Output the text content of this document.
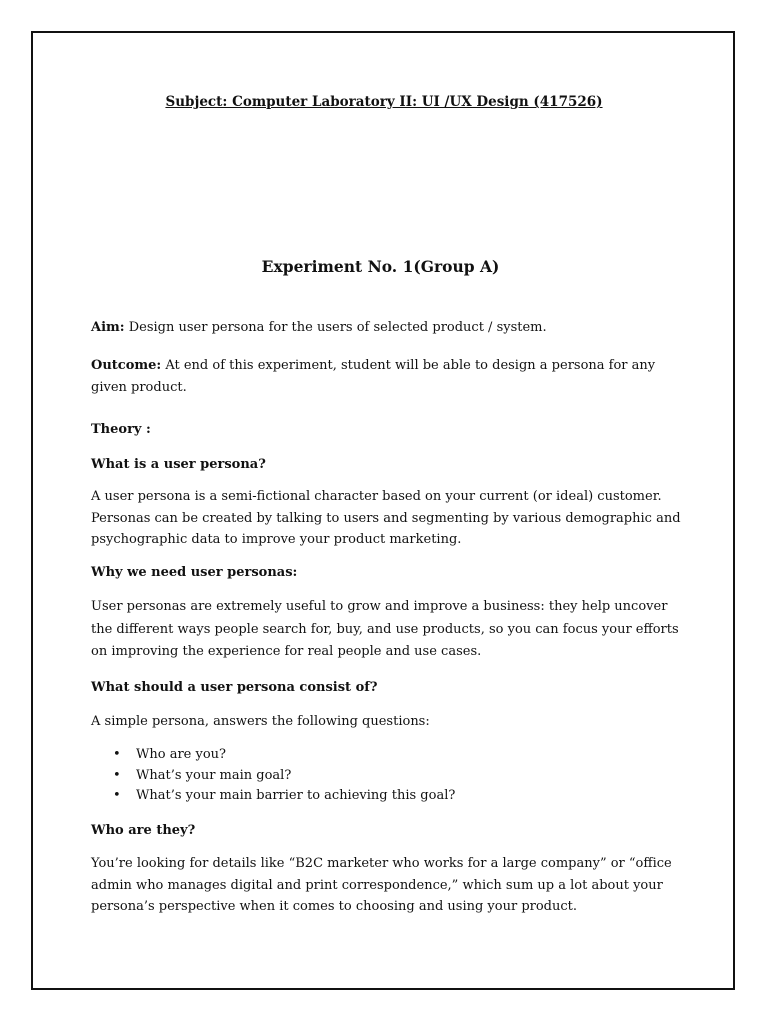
Subject: Computer Laboratory II: UI /UX Design (417526)

Experiment No. 1(Group A)

Aim: Design user persona for the users of selected product / system.

Outcome: At end of this experiment, student will be able to design a persona for any given product.

Theory :

What is a user persona?

A user persona is a semi-fictional character based on your current (or ideal) customer. Personas can be created by talking to users and segmenting by various demographic and psychographic data to improve your product marketing.

Why we need user personas:

User personas are extremely useful to grow and improve a business: they help uncover the different ways people search for, buy, and use products, so you can focus your efforts on improving the experience for real people and use cases.

What should a user persona consist of?

A simple persona, answers the following questions:

• Who are you?
• What’s your main goal?
• What’s your main barrier to achieving this goal?

Who are they?

You’re looking for details like “B2C marketer who works for a large company” or “office admin who manages digital and print correspondence,” which sum up a lot about your persona’s perspective when it comes to choosing and using your product.
